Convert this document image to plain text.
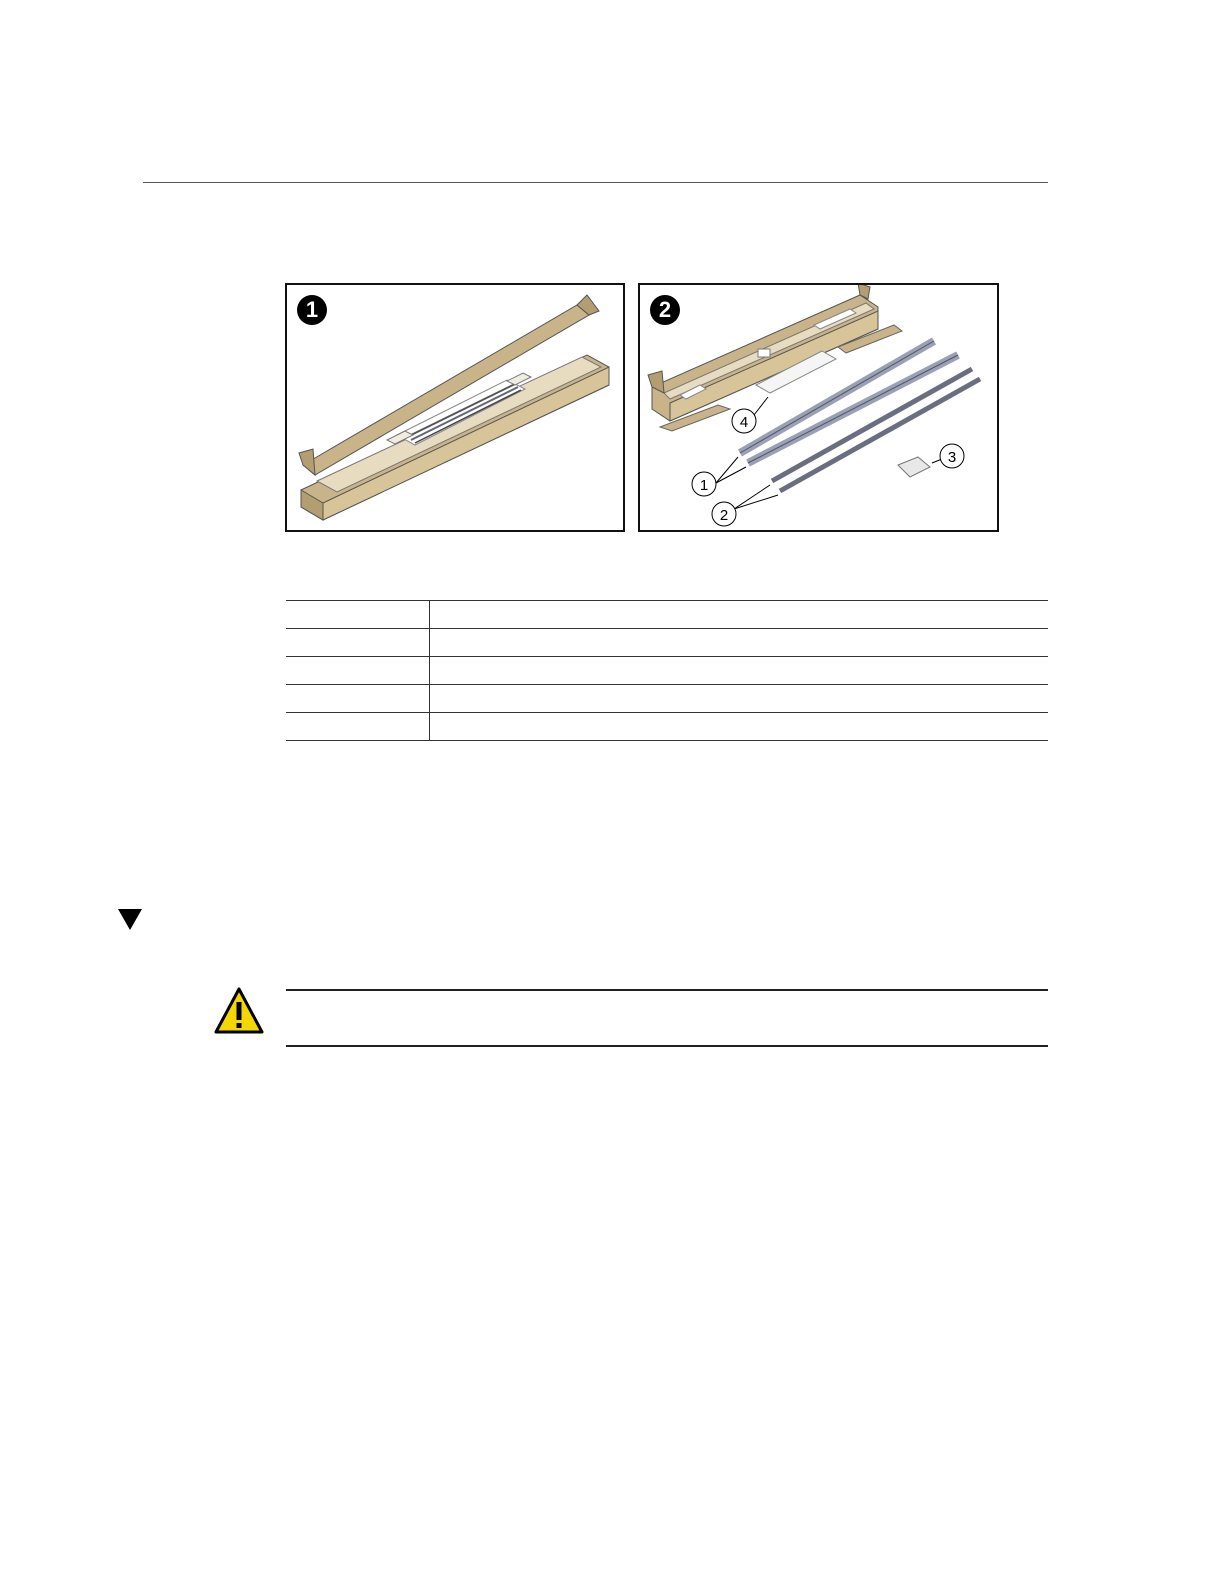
1
1
2
3
4
2
